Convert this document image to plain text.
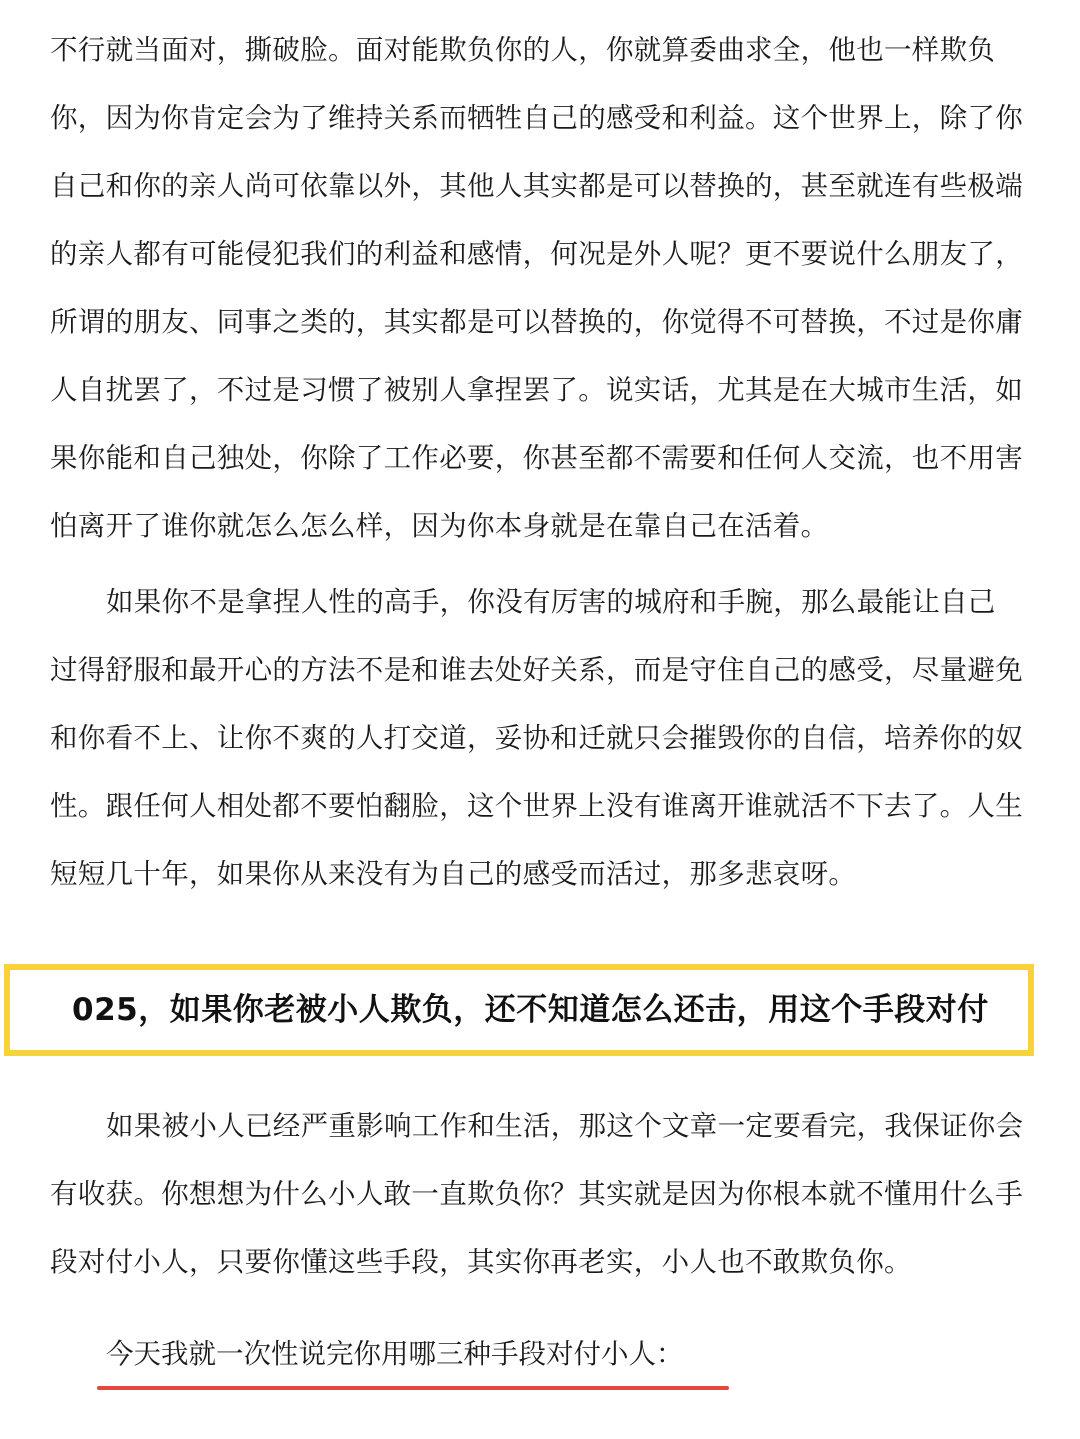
不行就当面对，撕破脸。面对能欺负你的人，你就算委曲求全，他也一样欺负
你，因为你肯定会为了维持关系而牺牲自己的感受和利益。这个世界上，除了你
自己和你的亲人尚可依靠以外，其他人其实都是可以替换的，甚至就连有些极端
的亲人都有可能侵犯我们的利益和感情，何况是外人呢？更不要说什么朋友了，
所谓的朋友、同事之类的，其实都是可以替换的，你觉得不可替换，不过是你庸
人自扰罢了，不过是习惯了被别人拿捏罢了。说实话，尤其是在大城市生活，如
果你能和自己独处，你除了工作必要，你甚至都不需要和任何人交流，也不用害
怕离开了谁你就怎么怎么样，因为你本身就是在靠自己在活着。
如果你不是拿捏人性的高手，你没有厉害的城府和手腕，那么最能让自己
过得舒服和最开心的方法不是和谁去处好关系，而是守住自己的感受，尽量避免
和你看不上、让你不爽的人打交道，妥协和迁就只会摧毁你的自信，培养你的奴
性。跟任何人相处都不要怕翻脸，这个世界上没有谁离开谁就活不下去了。人生
短短几十年，如果你从来没有为自己的感受而活过，那多悲哀呀。
025，如果你老被小人欺负，还不知道怎么还击，用这个手段对付
如果被小人已经严重影响工作和生活，那这个文章一定要看完，我保证你会
有收获。你想想为什么小人敢一直欺负你？其实就是因为你根本就不懂用什么手
段对付小人，只要你懂这些手段，其实你再老实，小人也不敢欺负你。

今天我就一次性说完你用哪三种手段对付小人：
